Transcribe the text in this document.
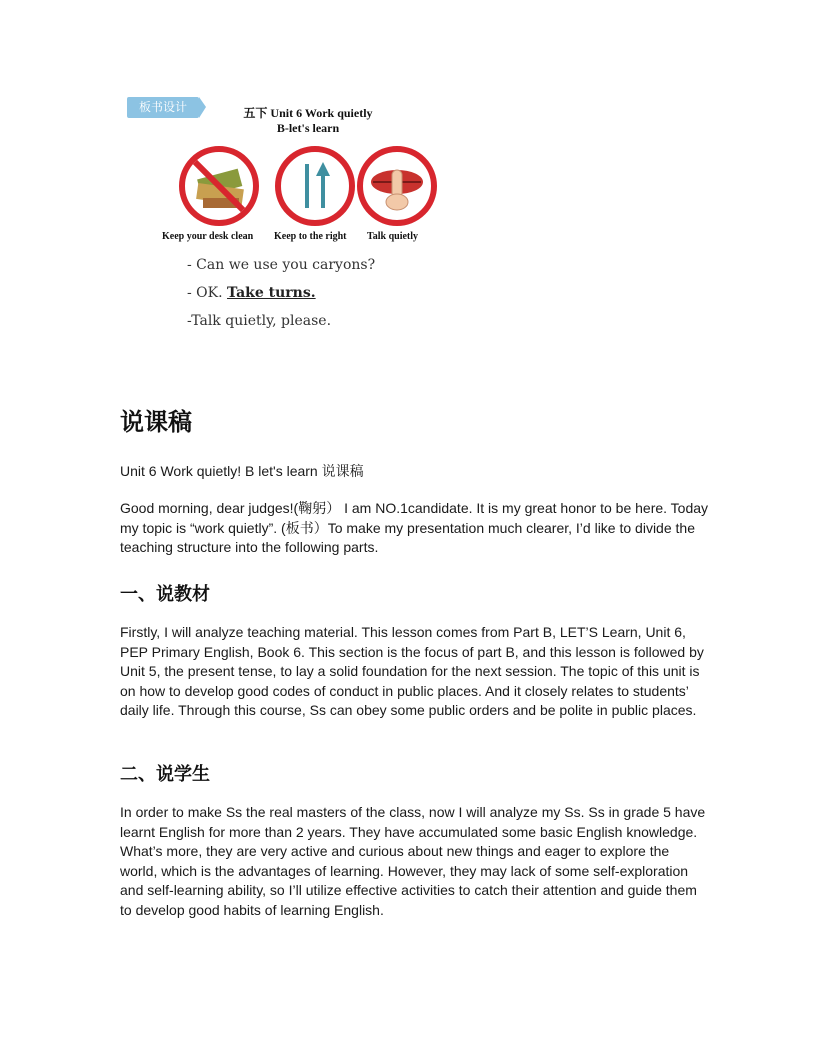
板书设计	五下 Unit 6 Work quietly
B-let's learn
Keep your desk clean Keep to the right Talk quietly
- Can we use you caryons?
- OK. Take turns.
-Talk quietly, please.
说课稿

Unit 6 Work quietly! B let's learn 说课稿

Good morning, dear judges!(鞠躬） I am NO.1candidate. It is my great honor to be here. Today my topic is “work quietly”. (板书）To make my presentation much clearer, I’d like to divide the teaching structure into the following parts.

一、说教材

Firstly, I will analyze teaching material. This lesson comes from Part B, LET’S Learn, Unit 6, PEP Primary English, Book 6. This section is the focus of part B, and this lesson is followed by Unit 5, the present tense, to lay a solid foundation for the next session. The topic of this unit is on how to develop good codes of conduct in public places. And it closely relates to students’ daily life. Through this course, Ss can obey some public orders and be polite in public places.

二、说学生

In order to make Ss the real masters of the class, now I will analyze my Ss. Ss in grade 5 have learnt English for more than 2 years. They have accumulated some basic English knowledge. What’s more, they are very active and curious about new things and eager to explore the world, which is the advantages of learning. However, they may lack of some self-exploration and self-learning ability, so I’ll utilize effective activities to catch their attention and guide them to develop good habits of learning English.
